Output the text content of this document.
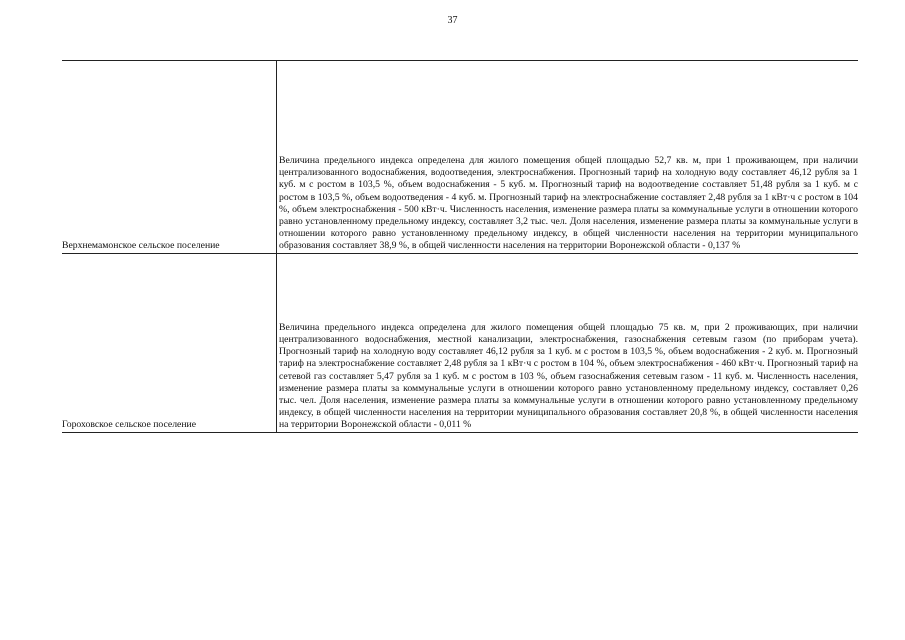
37

Верхнемамонское сельское поселение	Величина предельного индекса определена для жилого помещения общей площадью 52,7 кв. м, при 1 проживающем, при наличии централизованного водоснабжения, водоотведения, электроснабжения. Прогнозный тариф на холодную воду составляет 46,12 рубля за 1 куб. м с ростом в 103,5 %, объем водоснабжения - 5 куб. м. Прогнозный тариф на водоотведение составляет 51,48 рубля за 1 куб. м с ростом в 103,5 %, объем водоотведения - 4 куб. м. Прогнозный тариф на электроснабжение составляет 2,48 рубля за 1 кВт·ч с ростом в 104 %, объем электроснабжения - 500 кВт·ч. Численность населения, изменение размера платы за коммунальные услуги в отношении которого равно установленному предельному индексу, составляет 3,2 тыс. чел. Доля населения, изменение размера платы за коммунальные услуги в отношении которого равно установленному предельному индексу, в общей численности населения на территории муниципального образования составляет 38,9 %, в общей численности населения на территории Воронежской области - 0,137 %
Гороховское сельское поселение	Величина предельного индекса определена для жилого помещения общей площадью 75 кв. м, при 2 проживающих, при наличии централизованного водоснабжения, местной канализации, электроснабжения, газоснабжения сетевым газом (по приборам учета). Прогнозный тариф на холодную воду составляет 46,12 рубля за 1 куб. м с ростом в 103,5 %, объем водоснабжения - 2 куб. м. Прогнозный тариф на электроснабжение составляет 2,48 рубля за 1 кВт·ч с ростом в 104 %, объем электроснабжения - 460 кВт·ч. Прогнозный тариф на сетевой газ составляет 5,47 рубля за 1 куб. м с ростом в 103 %, объем газоснабжения сетевым газом - 11 куб. м. Численность населения, изменение размера платы за коммунальные услуги в отношении которого равно установленному предельному индексу, составляет 0,26 тыс. чел. Доля населения, изменение размера платы за коммунальные услуги в отношении которого равно установленному предельному индексу, в общей численности населения на территории муниципального образования составляет 20,8 %, в общей численности населения на территории Воронежской области - 0,011 %
